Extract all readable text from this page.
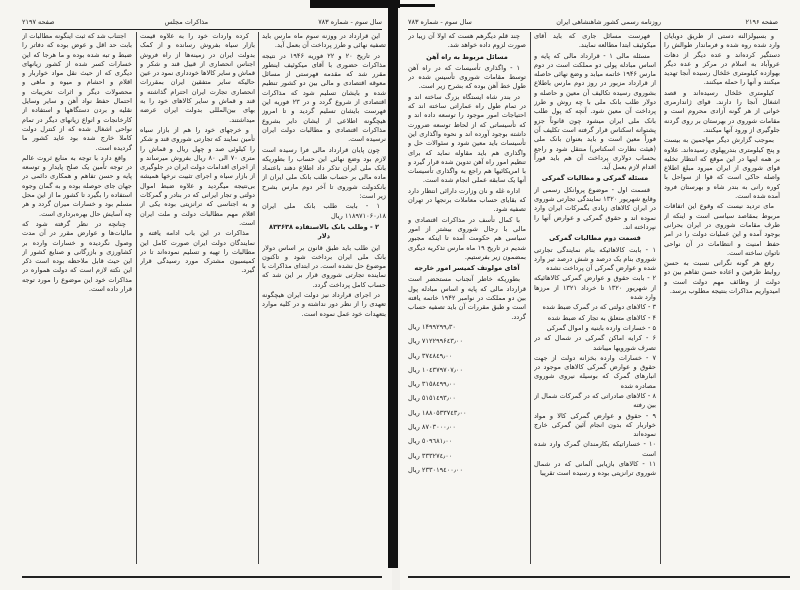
سال سوم - شماره ۷۸۳
مذاکرات مجلس
صفحه ۲۱۹۷

این قرارداد در ووزنه سوم ماه مارس باید تصفیه نهائی و طرز پرداخت آن بعمل آید.

در تاریخ ۲۰ و ۲۲ فوریه ۱۹۴۶ در نتیجه مذاکرات حضوری با آقای میکوئیف اینطور مقرر شد که مقدمه فهرستی از مسائل معوقه اقتصادی و مالی بین دو کشور تنظیم شده و بایشان تسلیم شود که مذاکرات اقتصادی از شروع گردد و در ۲۳ فوریه این فهرست بایشان تسلیم گردید و تا امروز هیچگونه اطلاعی از ایشان دایر بشروع مذاکرات اقتصادی و مطالبات دولت ایران نرسیده است.

چون پایان قرارداد مالی فرا رسیده است لازم بود وضع نهائی این حساب را بطوریکه بانک ملی ایران تذکر داد اطلاع دهند باعتماد ماده مالی بر حساب طلب بانک ملی ایران از بانکدولت شوروی تا آخر دوم مارس بشرح زیر است:

۱ - بابت طلب بانک ملی ایران ۱۱۸۹۷۱۰۶۰٫۱۸ ریال

۲ - وطلب بانک بالاستفاده ۸۳۳۶۳۸ دلار

این طلب باید طبق قانون بر اساس دولار بانک ملی ایران برداخت شود و تاکنون موضوع حل نشده است. در ابتدای مذاکرات با نماینده تجارتی شوروی قرار بر این شد که حساب کامل پرداخت گردد.

در اجرای قرارداد نیز دولت ایران هیچگونه تعهدی را از نظر دور نداشته و در کلیه موارد بتعهدات خود عمل نموده است.

کرده واردات خود را به علاوه قیمت بازار سیاه بفروش رسانده و از کمک بدولت ایران در زمینه‌ها از راه فروش اجناس انحصاری از قبیل قند و شکر و قماش و سایر کالاها خودداری نمود در عین حالیکه سایر متفقین ایران بمقررات انحصاری تجارت ایران احترام گذاشته و قند و قماش و سایر کالاهای خود را به بهای بین‌المللی بدولت ایران عرضه میداشتند.

و خرجهای خود را هم از بازار سیاه تأمین نمایند که تجارتی شوروی قند و شکر را کیلوئی صد و چهل ریال و قماش را متری ۷۰ الی ۸۰ ریال بفروش میرساند و از اجرای اقدامات دولت ایران در جلوگیری از بازار سیاه و اجرای تثبیت نرخها همیشه بی‌نتیجه میگردید و علاوه ضبط اموال دولتی و تجار ایرانی که در بنادر و گمرکات و به اجناسی که ترانزیتی بوده یکی از اقلام مهم مطالبات دولت و ملت ایران است.

مذاکرات در این باب ادامه یافته و نمایندگان دولت ایران صورت کامل این مطالبات را تهیه و تسلیم نموده‌اند تا در کمیسیون مشترک مورد رسیدگی قرار گیرد.

اجتناب شد که ثبت اینگونه مطالبات از بابت حد اقل و عوض بوده که دفاتر را ضبط و تبه شده بوده و ما هرجا که این خسارات کسر شده از کشور زیانهای دیگری که از حیث نقل مواد خواربار و اقلام و احشام و میوه و ماهی و محصولات دیگر و اثرات تخریبات و احتمال حفظ نواد آهن و سایر وسایل نقلیه و بردن دستگاهها و استفاده از کارخانجات و انواع زیانهای دیگر در تمام نواحی اشغال شده که از کنترل دولت کاملا خارج شده بود عاید کشور ما گردیده است.

واقع دارد با توجه به منابع ثروت عالم در توجه تأمین یک صلح پایدار و توسعه پایه و حسن تفاهم و همکاری دائمی در جهان جای حوصله بوده و به گمان وجوه استفاده را بگیرد تا کشور ما از این محل مسلم بود و خسارات میران گردد و هر چه آسایش حال بهره‌برداری است.

چنانچه در نظر گرفته شود که مالیات‌ها و عوارض مقرر در آن مدت وصول نگردیده و خسارات وارده بر کشاورزی و بازرگانی و صنایع کشور از این حیث قابل ملاحظه بوده است ذکر این نکته لازم است که دولت همواره در مذاکرات خود این موضوع را مورد توجه قرار داده است.

صفحه ۲۱۹۶
روزنامه رسمی کشور شاهنشاهی ایران
سال سوم - شماره ۷۸۳

و بسیولزالنه دستی از طریق دوبایان وارد شده روه شده و فرماندار طوالش را دستگیر کرده‌اند و عده دیگر از دهات عروآباد به اسلام در مرکز و عده دیگر بهوازده کیلومتری خلخال رسیده آنجا تهدید میکنند و آنها را حمله میکنند.

کیلومتری خلخال رسیده‌اند و قصد اشغال آنجا را دارند. قوای ژاندارمری خوانی از هر گونه آزادی محروم است و مقامات شوروی در بهرستان بر روی گردنه جلوگیری از ورود آنها میکنند.

بموجب گزارش دیگر مهاجمین به بیست و پنج کیلومتری بندرپهلوی رسیده‌اند. علاوه بر همه اینها در این موقع که انتظار تخلیه قوای شوروی از ایران میرود مبلغ اطلاع واصله حاکی است که قوا از سواحل با کوره رانی به بندر شاه و بهرستان فرود آمده شده است.

مای تردید نیست که وقوع این اتفاقات مربوط بمقاصد سیاسی است و اینکه از طرف مقامات شوروی در ایران بحرانی بوجود آمده و این عملیات دولت را در امر حفظ امنیت و انتظامات در آن نواحی ناتوان ساخته است.

رفع هر گونه نگرانی نسبت به حسن روابط طرفین و اعاده حسن تفاهم بین دو دولت از وظائف مهم دولت است و امیدواریم مذاکرات بنتیجه مطلوب برسد.

فهرست مسائل جاری که باید آقای میکوئیف ابتدا مطالعه نمایند.

مسئله مالی ۱ - قرارداد مالی که پایه و اساس مبادله پولی دو مملکت است در دوم مارس ۱۹۴۶ خاتمه میابد و وضع نهائی حاصله از قرارداد مزبور در روز دوم مارس باطلاع بشوروی رسیده تکالیف آن معین و حاصله و دولار طلب بانک ملی با چه روش و طرز پرداخت آن معین شود. آنچه که پول طلب بانک ملی ایران میشود چون قانوناً جزو پشتوانه اسکناس قرار گرفته است تکلیف آن فوراً معین است و باید بعنوان بانک ملی (هیئت نظارت اسکناس) منتقل شود و راجع بحساب دولاری پرداخت آن هم باید فوراً اقدام لازم بعمل آید.

مسئله گمرکی و مطالبات گمرکی

قسمت اول - موضوع پروانکل رسمی از وقایع شهریور ۱۳۲۰ نمایندگی تجارتی شوروی در ایران کالاهای زیادی بگمرکات ایران وارد نموده اند و حقوق گمرکی و عوارض آنها را نپرداخته اند.

قسمت دوم مطالبات گمرکی

۱ - بابت کالاهائیکه بنام نمایندگی تجارتی شوروی بنام یک درصد و شش درصد تیر وارد شده و عوارض گمرکی آن پرداخت نشده

۲ - بابت حقوق و عوارض گمرکی کالاهائیکه از شهریور ۱۳۲۰ تا خرداد ۱۳۲۱ از مرزها وارد شده

۳ - کالاهای دولتی که در گمرک ضبط شده

۴ - کالاهای متعلق به تجار که ضبط شده

۵ - خسارات وارده بابنیه و اموال گمرکی

۶ - کرایه اماکن گمرکی در شمال که در تصرف شورویها میباشد

۷ - خسارات وارده بخزانه دولت از جهت حقوق و عوارض گمرکی کالاهای موجود در انبارهای گمرک که بوسیله نیروی شوروی مصادره شده

۸ - کالاهای صادراتی که در گمرکات شمال از بین رفته

۹ - حقوق و عوارض گمرکی کالا و مواد خواربار که بدون انجام آئین گمرکی خارج نموده‌اند

۱۰ - خساراتیکه بکارمندان گمرک وارد شده است

۱۱ - کالاهای بازیابی آلمانی که در شمال شوروی ترانزیتی بوده و رسیده است تقریبا

چند قلم دیگرهم هست که اولا آن زیبا در صورت لزوم داده خواهد شد.

مسائل مربوط به راه آهن

۱ - واگذاری تأسیسات که در راه آهن توسط مقامات شوروی تأسیس شده در طول خط آهن بوده که بشرح زیر است.

در بندر شاه ایستگاه بزرگ ساخته اند و در تمام طول راه عماراتی ساخته اند که احتیاجات امور موجود را توسعه داده اند و که تأسیساتی که از لحاظ توسعه ضرورت داشته بوجود آورده اند و نحوه واگذاری این تأسیسات باید معین شود و سئوالات حل و واگذاری هم باید مقاوله نماید که برای تنظیم امور راه آهن تدوین شده قرار گیرد و با امریکائیها هم راجع به واگذاری تأسیسات آنها یک سابقه عملی انجام شده است.

اداره غله و نان وزارت دارائی انتظار دارد که بقایای حساب معاملات برنجها در تهران تصفیه شود.

با کمال تأسف در مذاکرات اقتصادی و مالی با رجال شوروی بیشتر از امور سیاسی هم حکومت آمده تا اینکه مجبور شدیم در تاریخ ۱۹ ماه مارس تذکریه دیگری بمضمون زیر بفرستیم.

آقای مولوتف کمیسر امور خارجه

بطوریکه خاطر آنجناب مستحضر است قرارداد مالی که پایه و اساس مبادله پول بین دو مملکت در نوامبر ۱۹۴۲ خاتمه یافته است و طبق مقررات آن باید تصفیه حساب گردد.

۱۴۹۹۲۹۹٫۳۰ ریال
۷۱۲۲۹۹۶٤٣٫۰۰ ریال
۳۷٤٨٤٩٫۰۰ ریال
١٠٤٣٧٩٧٠٧٫٠٠ ریال
٣١٥٨٤٩٩٫٠٠ ریال
٥١٥١٤٩٣٫٠٠ ریال
١٨٨٠٥٣٣٧٤٣٫٠٠ ریال
٨٧٠٣٠٠٠٫٠٠ ریال
٥٠٩٦٨١٫٠٠ ریال
٣٣٣٢٧٤٫٠٠ ریال
٢٣٣٠١٩٤٠٠٫٠٠ ریال
